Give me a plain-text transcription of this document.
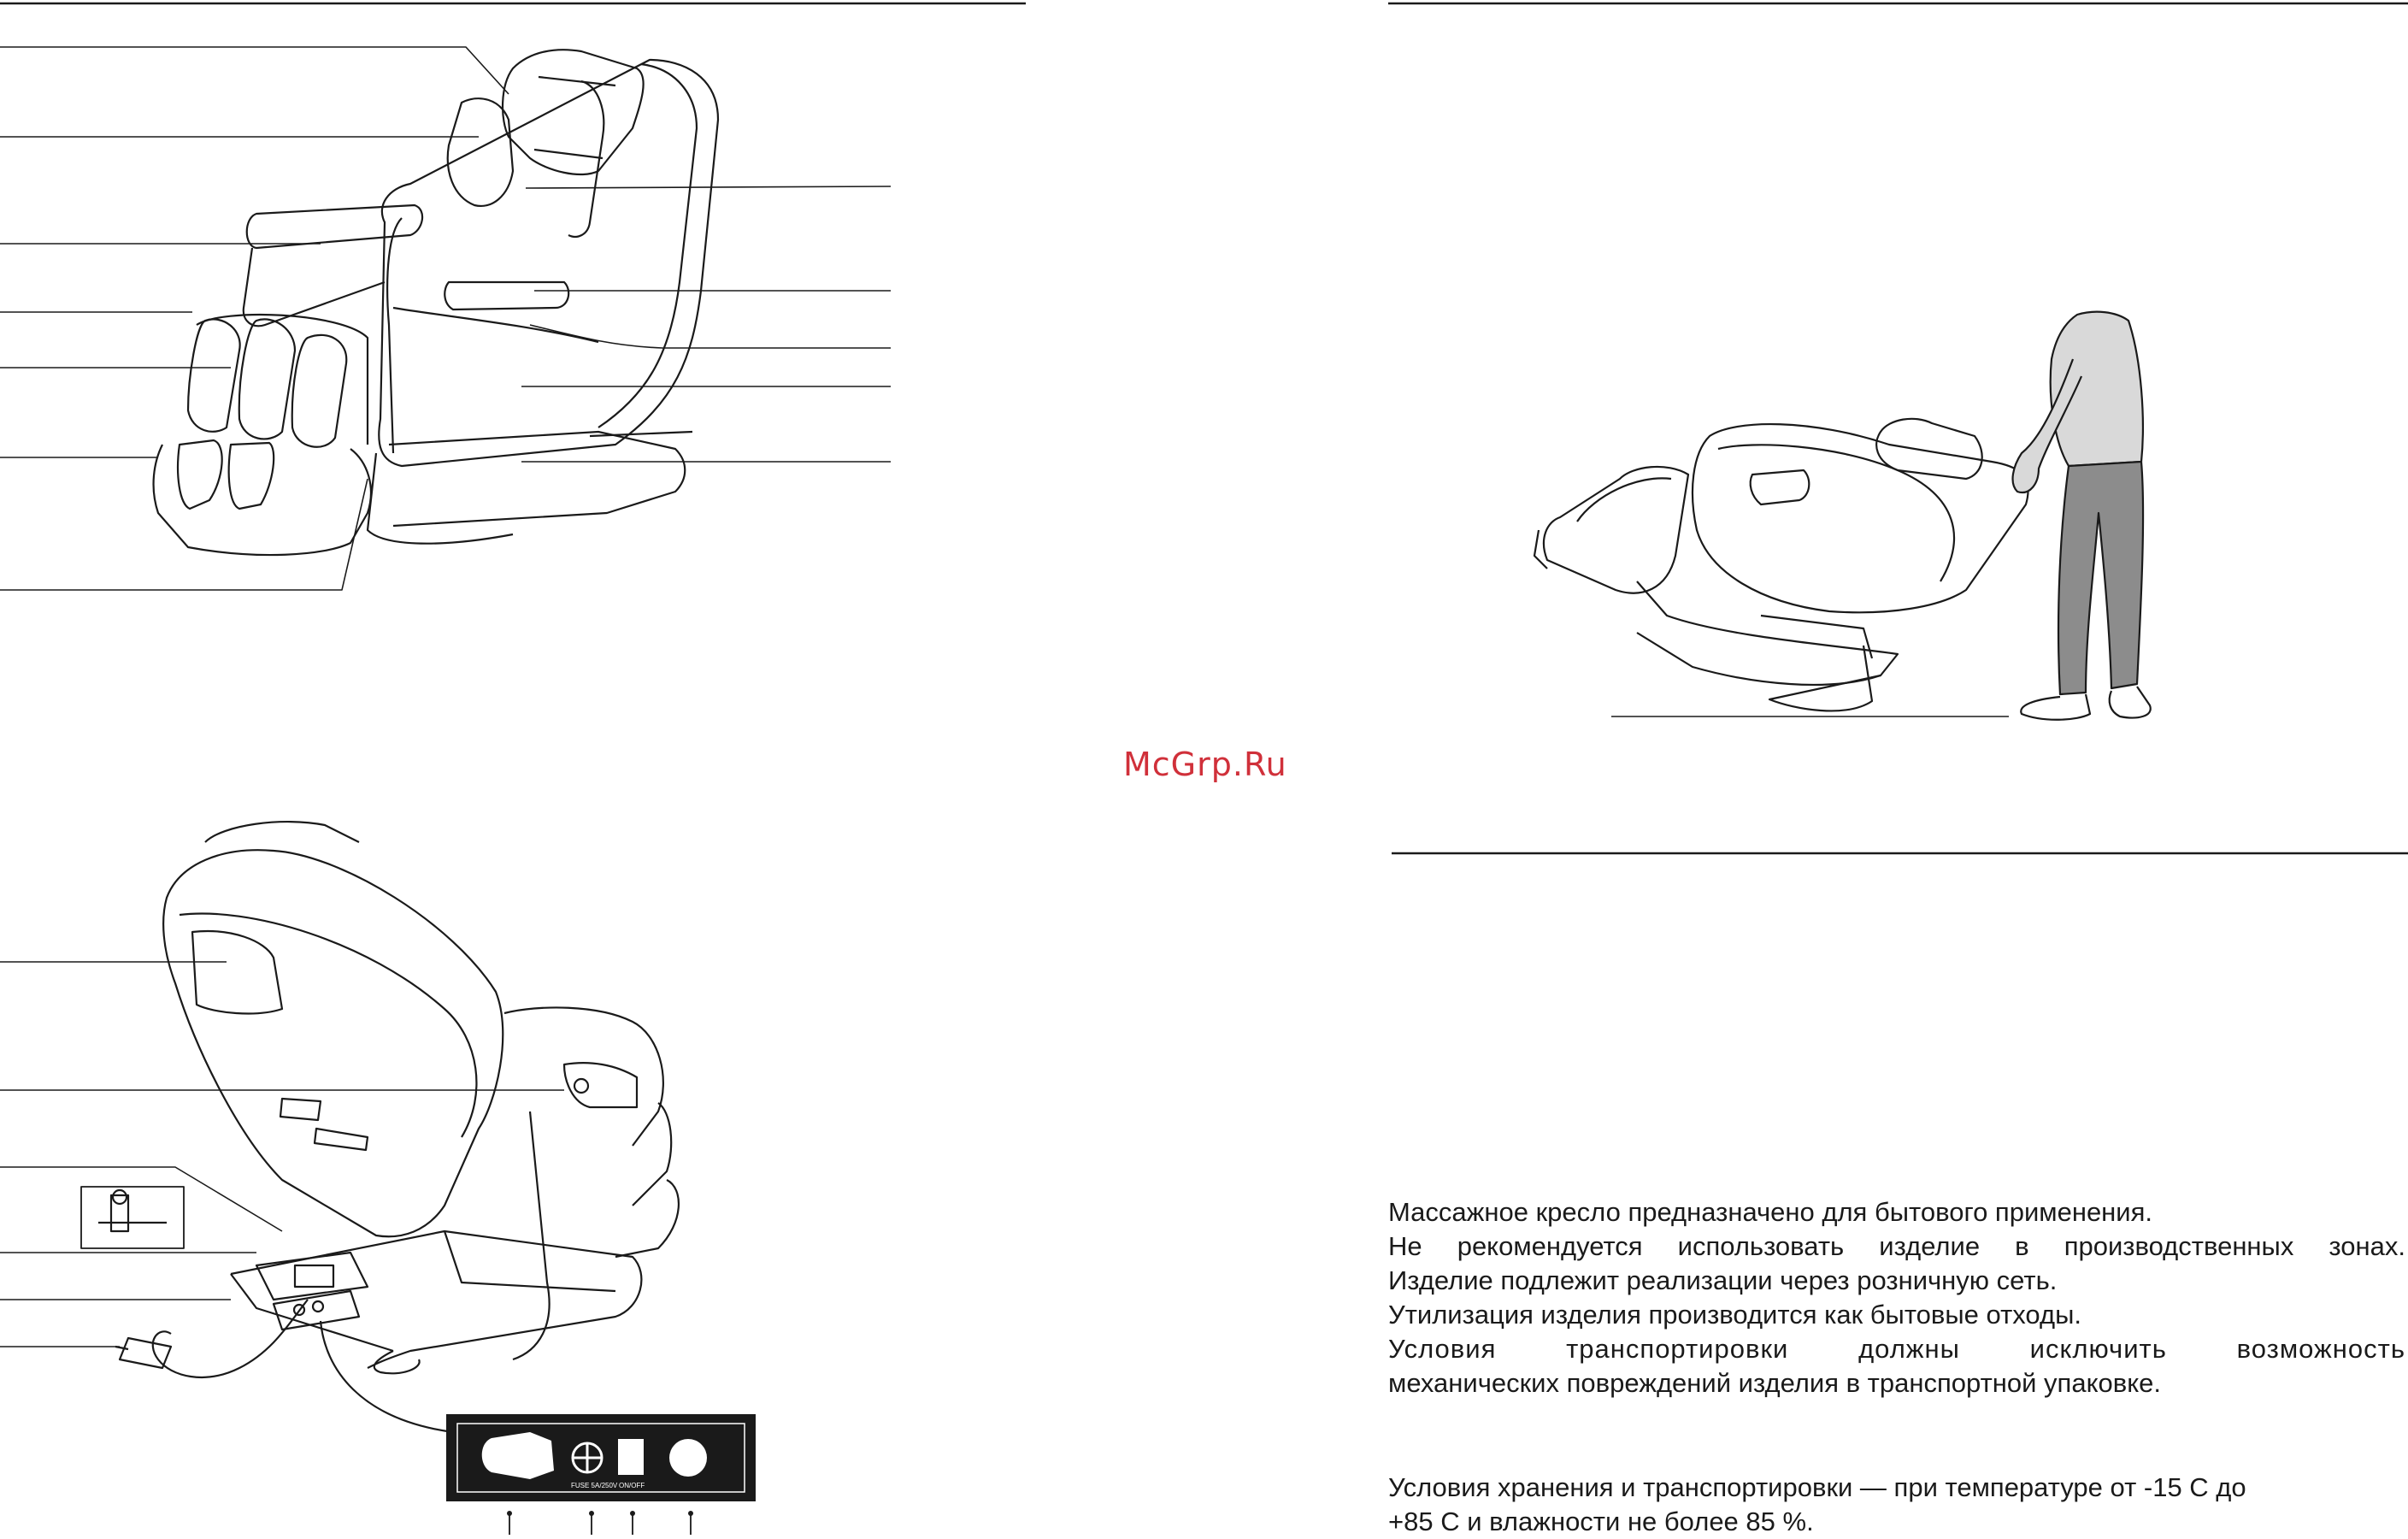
FUSE 5A/250V ON/OFF
McGrp.Ru
Массажное кресло предназначено для бытового применения.
Не рекомендуется использовать изделие в производственных зонах.
Изделие подлежит реализации через розничную сеть.
Утилизация изделия производится как бытовые отходы.
Условия транспортировки должны исключить возможность
механических повреждений изделия в транспортной упаковке.
Условия хранения и транспортировки — при температуре от -15 С до
+85 С и влажности не более 85 %.
